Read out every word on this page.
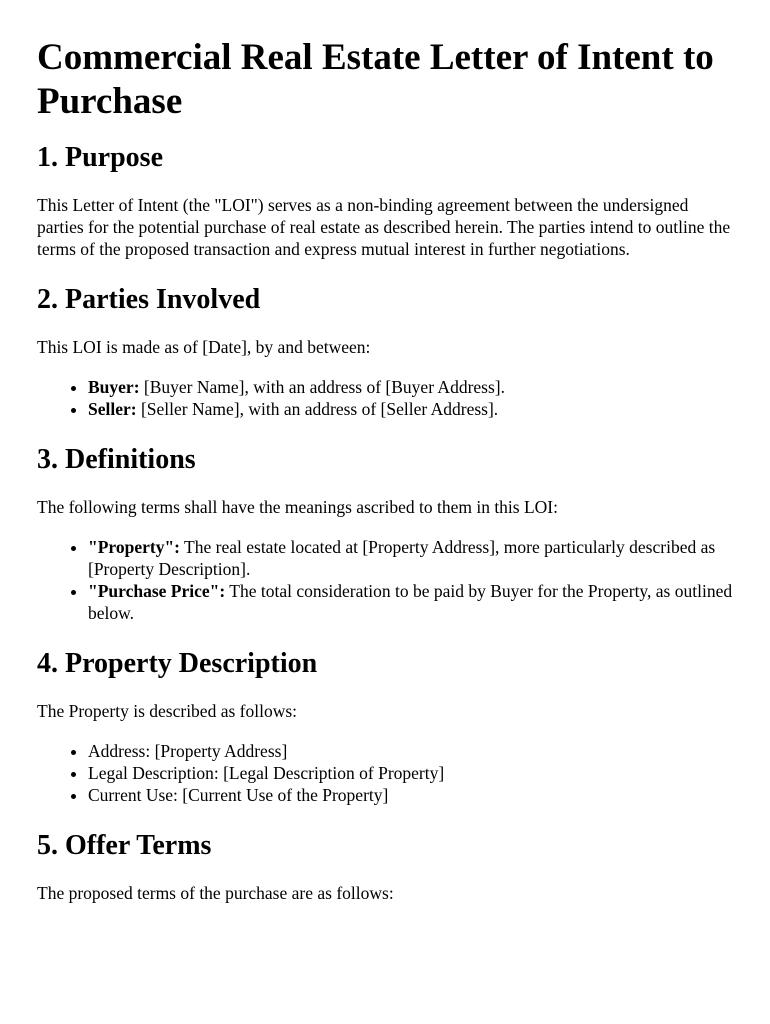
Commercial Real Estate Letter of Intent to Purchase
1. Purpose

This Letter of Intent (the "LOI") serves as a non-binding agreement between the undersigned parties for the potential purchase of real estate as described herein. The parties intend to outline the terms of the proposed transaction and express mutual interest in further negotiations.

2. Parties Involved

This LOI is made as of [Date], by and between:

• Buyer: [Buyer Name], with an address of [Buyer Address].
• Seller: [Seller Name], with an address of [Seller Address].
3. Definitions

The following terms shall have the meanings ascribed to them in this LOI:

• "Property": The real estate located at [Property Address], more particularly described as [Property Description].
• "Purchase Price": The total consideration to be paid by Buyer for the Property, as outlined below.
4. Property Description

The Property is described as follows:

• Address: [Property Address]
• Legal Description: [Legal Description of Property]
• Current Use: [Current Use of the Property]
5. Offer Terms

The proposed terms of the purchase are as follows:
